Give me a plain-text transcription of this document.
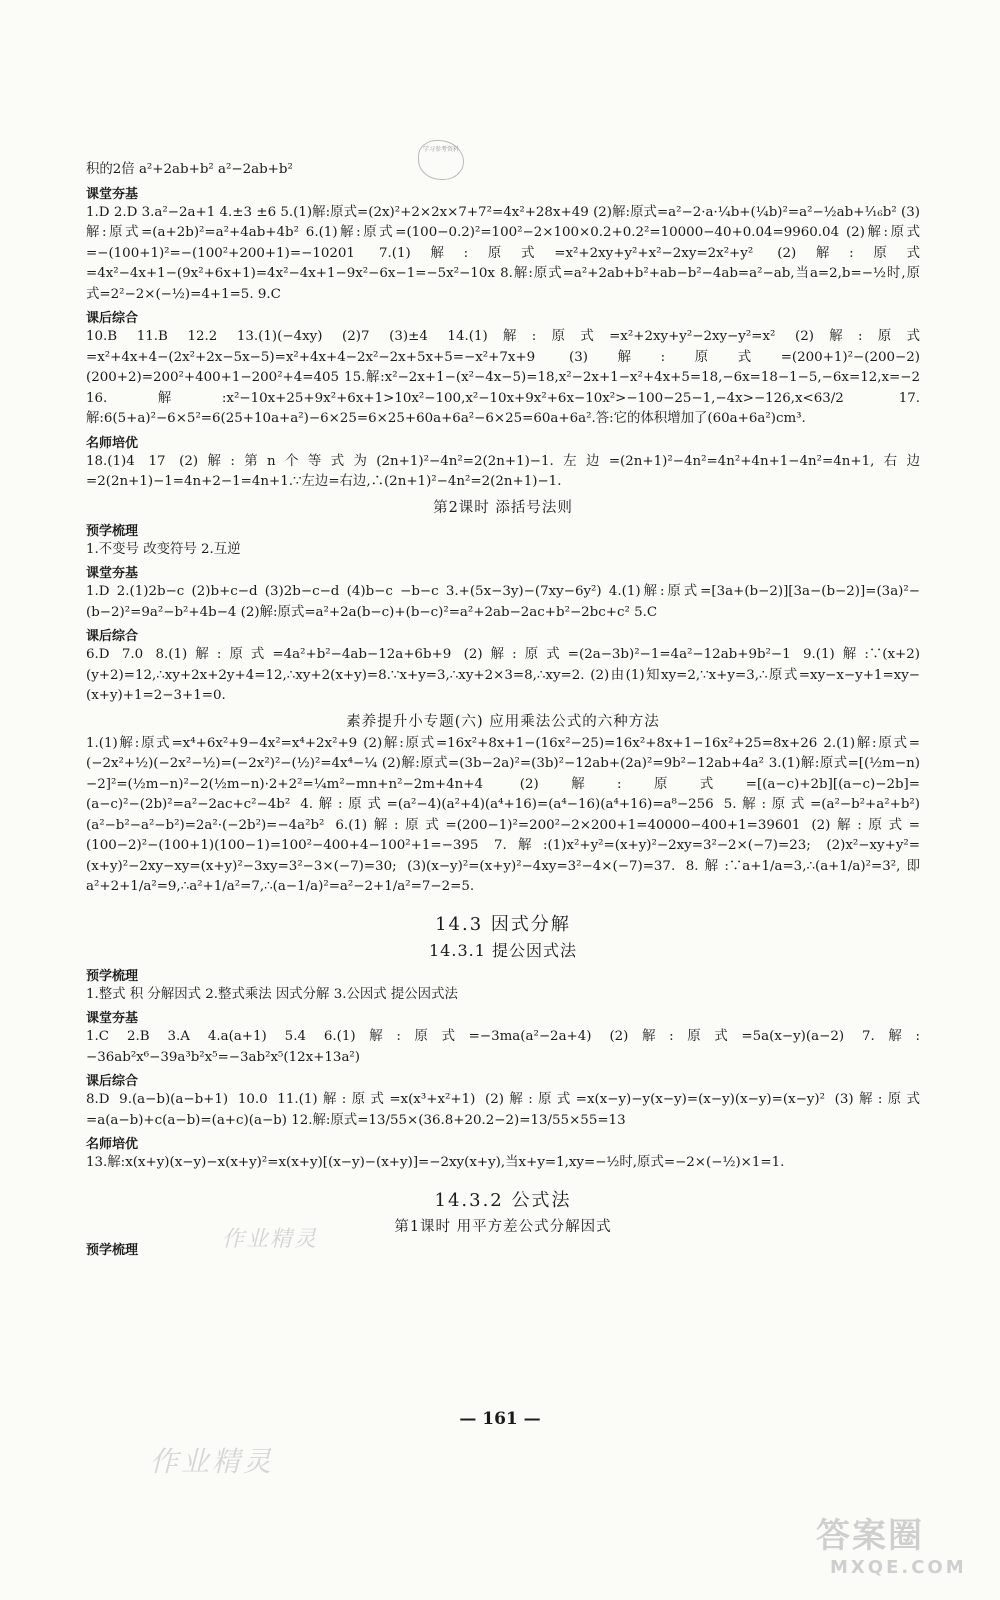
学习参考资料
积的2倍 a²+2ab+b² a²−2ab+b²
课堂夯基
1.D 2.D 3.a²−2a+1 4.±3 ±6 5.(1)解:原式=(2x)²+2×2x×7+7²=4x²+28x+49 (2)解:原式=a²−2·a·¼b+(¼b)²=a²−½ab+¹⁄₁₆b² (3)解:原式=(a+2b)²=a²+4ab+4b² 6.(1)解:原式=(100−0.2)²=100²−2×100×0.2+0.2²=10000−40+0.04=9960.04 (2)解:原式=−(100+1)²=−(100²+200+1)=−10201 7.(1)解:原式=x²+2xy+y²+x²−2xy=2x²+y² (2)解:原式=4x²−4x+1−(9x²+6x+1)=4x²−4x+1−9x²−6x−1=−5x²−10x 8.解:原式=a²+2ab+b²+ab−b²−4ab=a²−ab,当a=2,b=−½时,原式=2²−2×(−½)=4+1=5. 9.C
课后综合
10.B 11.B 12.2 13.(1)(−4xy) (2)7 (3)±4 14.(1)解:原式=x²+2xy+y²−2xy−y²=x² (2)解:原式=x²+4x+4−(2x²+2x−5x−5)=x²+4x+4−2x²−2x+5x+5=−x²+7x+9 (3)解:原式=(200+1)²−(200−2)(200+2)=200²+400+1−200²+4=405 15.解:x²−2x+1−(x²−4x−5)=18,x²−2x+1−x²+4x+5=18,−6x=18−1−5,−6x=12,x=−2 16.解:x²−10x+25+9x²+6x+1>10x²−100,x²−10x+9x²+6x−10x²>−100−25−1,−4x>−126,x<63/2 17.解:6(5+a)²−6×5²=6(25+10a+a²)−6×25=6×25+60a+6a²−6×25=60a+6a².答:它的体积增加了(60a+6a²)cm³.
名师培优
18.(1)4 17 (2)解:第n个等式为(2n+1)²−4n²=2(2n+1)−1.左边=(2n+1)²−4n²=4n²+4n+1−4n²=4n+1,右边=2(2n+1)−1=4n+2−1=4n+1.∵左边=右边,∴(2n+1)²−4n²=2(2n+1)−1.
第2课时 添括号法则
预学梳理
1.不变号 改变符号 2.互逆
课堂夯基
1.D 2.(1)2b−c (2)b+c−d (3)2b−c−d (4)b−c −b−c 3.+(5x−3y)−(7xy−6y²) 4.(1)解:原式=[3a+(b−2)][3a−(b−2)]=(3a)²−(b−2)²=9a²−b²+4b−4 (2)解:原式=a²+2a(b−c)+(b−c)²=a²+2ab−2ac+b²−2bc+c² 5.C
课后综合
6.D 7.0 8.(1)解:原式=4a²+b²−4ab−12a+6b+9 (2)解:原式=(2a−3b)²−1=4a²−12ab+9b²−1 9.(1)解:∵(x+2)(y+2)=12,∴xy+2x+2y+4=12,∴xy+2(x+y)=8.∵x+y=3,∴xy+2×3=8,∴xy=2. (2)由(1)知xy=2,∵x+y=3,∴原式=xy−x−y+1=xy−(x+y)+1=2−3+1=0.
素养提升小专题(六) 应用乘法公式的六种方法
1.(1)解:原式=x⁴+6x²+9−4x²=x⁴+2x²+9 (2)解:原式=16x²+8x+1−(16x²−25)=16x²+8x+1−16x²+25=8x+26 2.(1)解:原式=(−2x²+½)(−2x²−½)=(−2x²)²−(½)²=4x⁴−¼ (2)解:原式=(3b−2a)²=(3b)²−12ab+(2a)²=9b²−12ab+4a² 3.(1)解:原式=[(½m−n)−2]²=(½m−n)²−2(½m−n)·2+2²=¼m²−mn+n²−2m+4n+4 (2)解:原式=[(a−c)+2b][(a−c)−2b]=(a−c)²−(2b)²=a²−2ac+c²−4b² 4.解:原式=(a²−4)(a²+4)(a⁴+16)=(a⁴−16)(a⁴+16)=a⁸−256 5.解:原式=(a²−b²+a²+b²)(a²−b²−a²−b²)=2a²·(−2b²)=−4a²b² 6.(1)解:原式=(200−1)²=200²−2×200+1=40000−400+1=39601 (2)解:原式=(100−2)²−(100+1)(100−1)=100²−400+4−100²+1=−395 7.解:(1)x²+y²=(x+y)²−2xy=3²−2×(−7)=23; (2)x²−xy+y²=(x+y)²−2xy−xy=(x+y)²−3xy=3²−3×(−7)=30; (3)(x−y)²=(x+y)²−4xy=3²−4×(−7)=37. 8.解:∵a+1/a=3,∴(a+1/a)²=3²,即a²+2+1/a²=9,∴a²+1/a²=7,∴(a−1/a)²=a²−2+1/a²=7−2=5.
14.3 因式分解
14.3.1 提公因式法
预学梳理
1.整式 积 分解因式 2.整式乘法 因式分解 3.公因式 提公因式法
课堂夯基
1.C 2.B 3.A 4.a(a+1) 5.4 6.(1)解:原式=−3ma(a²−2a+4) (2)解:原式=5a(x−y)(a−2) 7.解:−36ab²x⁶−39a³b²x⁵=−3ab²x⁵(12x+13a²)
课后综合
8.D 9.(a−b)(a−b+1) 10.0 11.(1)解:原式=x(x³+x²+1) (2)解:原式=x(x−y)−y(x−y)=(x−y)(x−y)=(x−y)² (3)解:原式=a(a−b)+c(a−b)=(a+c)(a−b) 12.解:原式=13/55×(36.8+20.2−2)=13/55×55=13
名师培优
13.解:x(x+y)(x−y)−x(x+y)²=x(x+y)[(x−y)−(x+y)]=−2xy(x+y),当x+y=1,xy=−½时,原式=−2×(−½)×1=1.
14.3.2 公式法
第1课时 用平方差公式分解因式
预学梳理	作业精灵
作业精灵
— 161 —
答案圈
MXQE.COM
